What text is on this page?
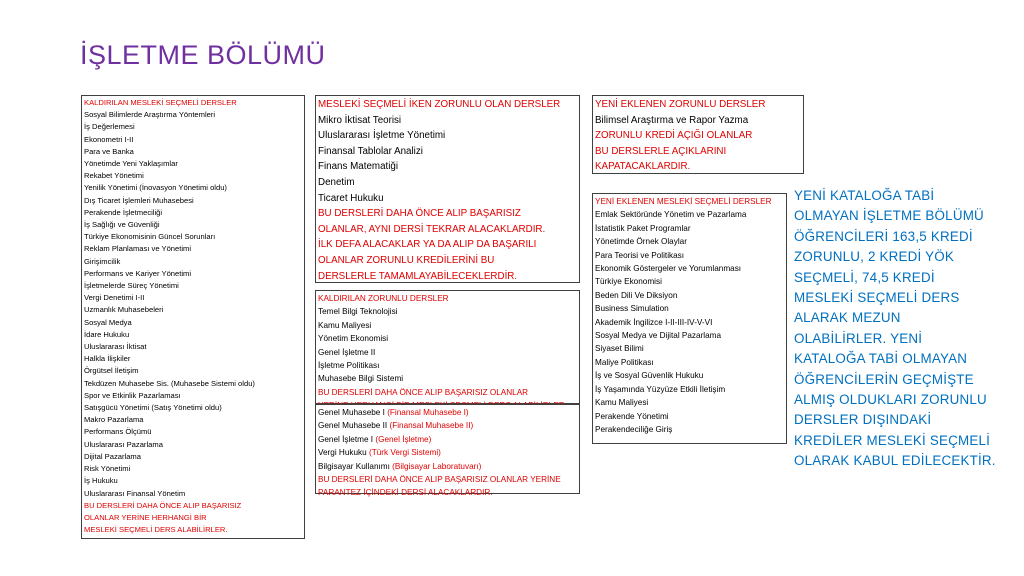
İŞLETME BÖLÜMÜ
KALDIRILAN MESLEKİ SEÇMELİ DERSLER
Sosyal Bilimlerde Araştırma Yöntemleri
İş Değerlemesi
Ekonometri I-II
Para ve Banka
Yönetimde Yeni Yaklaşımlar
Rekabet Yönetimi
Yenilik Yönetimi (İnovasyon Yönetimi oldu)
Dış Ticaret İşlemleri Muhasebesi
Perakende İşletmeciliği
İş Sağlığı ve Güvenliği
Türkiye Ekonomisinin Güncel Sorunları
Reklam Planlaması ve Yönetimi
Girişimcilik
Performans ve Kariyer Yönetimi
İşletmelerde Süreç Yönetimi
Vergi Denetimi I-II
Uzmanlık Muhasebeleri
Sosyal Medya
İdare Hukuku
Uluslararası İktisat
Halkla İlişkiler
Örgütsel İletişim
Tekdüzen Muhasebe Sis. (Muhasebe Sistemi oldu)
Spor ve Etkinlik Pazarlaması
Satışgücü Yönetimi (Satış Yönetimi oldu)
Makro Pazarlama
Performans Ölçümü
Uluslararası Pazarlama
Dijital Pazarlama
Risk Yönetimi
İş Hukuku
Uluslararası Finansal Yönetim
BU DERSLERİ DAHA ÖNCE ALIP BAŞARISIZ
OLANLAR YERİNE HERHANGİ BİR
MESLEKİ SEÇMELİ DERS ALABİLİRLER.
MESLEKİ SEÇMELİ İKEN ZORUNLU OLAN DERSLER
Mikro İktisat Teorisi
Uluslararası İşletme Yönetimi
Finansal Tablolar Analizi
Finans Matematiği
Denetim
Ticaret Hukuku
BU DERSLERİ DAHA ÖNCE ALIP BAŞARISIZ
OLANLAR, AYNI DERSİ TEKRAR ALACAKLARDIR.
İLK DEFA ALACAKLAR YA DA ALIP DA BAŞARILI
OLANLAR ZORUNLU KREDİLERİNİ BU
DERSLERLE TAMAMLAYABİLECEKLERDİR.
KALDIRILAN ZORUNLU DERSLER
Temel Bilgi Teknolojisi
Kamu Maliyesi
Yönetim Ekonomisi
Genel İşletme II
İşletme Politikası
Muhasebe Bilgi Sistemi
BU DERSLERİ DAHA ÖNCE ALIP BAŞARISIZ OLANLAR
Genel Muhasebe I (Finansal Muhasebe I)
Genel Muhasebe II (Finansal Muhasebe II)
Genel İşletme I (Genel İşletme)
Vergi Hukuku (Türk Vergi Sistemi)
Bilgisayar Kullanımı (Bilgisayar Laboratuvarı)
BU DERSLERİ DAHA ÖNCE ALIP BAŞARISIZ OLANLAR YERİNE
PARANTEZ İÇİNDEKİ DERSİ ALACAKLARDIR.
YENİ EKLENEN ZORUNLU DERSLER
Bilimsel Araştırma ve Rapor Yazma
ZORUNLU KREDİ AÇIĞI OLANLAR
BU DERSLERLE AÇIKLARINI
KAPATACAKLARDIR.
YENİ EKLENEN MESLEKİ SEÇMELİ DERSLER
Emlak Sektöründe Yönetim ve Pazarlama
İstatistik Paket Programlar
Yönetimde Örnek Olaylar
Para Teorisi ve Politikası
Ekonomik Göstergeler ve Yorumlanması
Türkiye Ekonomisi
Beden Dili Ve Diksiyon
Business Simulation
Akademik İngilizce I-II-III-IV-V-VI
Sosyal Medya ve Dijital Pazarlama
Siyaset Bilimi
Maliye Politikası
İş ve Sosyal Güvenlik Hukuku
İş Yaşamında Yüzyüze Etkili İletişim
Kamu Maliyesi
Perakende Yönetimi
Perakendeciliğe Giriş
YENİ KATALOĞA TABİ
OLMAYAN İŞLETME BÖLÜMÜ
ÖĞRENCİLERİ 163,5 KREDİ
ZORUNLU, 2 KREDİ YÖK
SEÇMELİ, 74,5 KREDİ
MESLEKİ SEÇMELİ DERS
ALARAK MEZUN
OLABİLİRLER. YENİ
KATALOĞA TABİ OLMAYAN
ÖĞRENCİLERİN GEÇMİŞTE
ALMIŞ OLDUKLARI ZORUNLU
DERSLER DIŞINDAKİ
KREDİLER MESLEKİ SEÇMELİ
OLARAK KABUL EDİLECEKTİR.
